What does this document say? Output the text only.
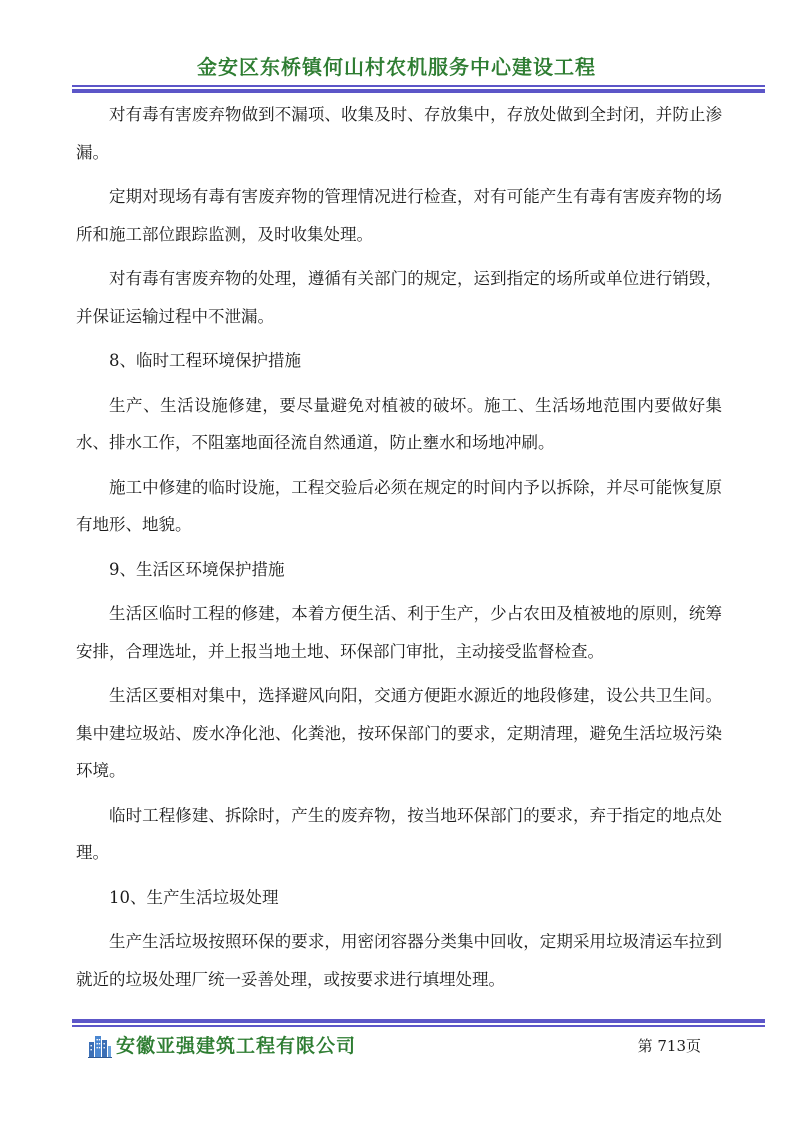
金安区东桥镇何山村农机服务中心建设工程

对有毒有害废弃物做到不漏项、收集及时、存放集中，存放处做到全封闭，并防止渗漏。

定期对现场有毒有害废弃物的管理情况进行检查，对有可能产生有毒有害废弃物的场所和施工部位跟踪监测，及时收集处理。

对有毒有害废弃物的处理，遵循有关部门的规定，运到指定的场所或单位进行销毁，并保证运输过程中不泄漏。

8、临时工程环境保护措施

生产、生活设施修建，要尽量避免对植被的破坏。施工、生活场地范围内要做好集水、排水工作，不阻塞地面径流自然通道，防止壅水和场地冲刷。

施工中修建的临时设施，工程交验后必须在规定的时间内予以拆除，并尽可能恢复原有地形、地貌。

9、生活区环境保护措施

生活区临时工程的修建，本着方便生活、利于生产，少占农田及植被地的原则，统筹安排，合理选址，并上报当地土地、环保部门审批，主动接受监督检查。

生活区要相对集中，选择避风向阳，交通方便距水源近的地段修建，设公共卫生间。集中建垃圾站、废水净化池、化粪池，按环保部门的要求，定期清理，避免生活垃圾污染环境。

临时工程修建、拆除时，产生的废弃物，按当地环保部门的要求，弃于指定的地点处理。

10、生产生活垃圾处理

生产生活垃圾按照环保的要求，用密闭容器分类集中回收，定期采用垃圾清运车拉到就近的垃圾处理厂统一妥善处理，或按要求进行填埋处理。

安徽亚强建筑工程有限公司	第 713页
